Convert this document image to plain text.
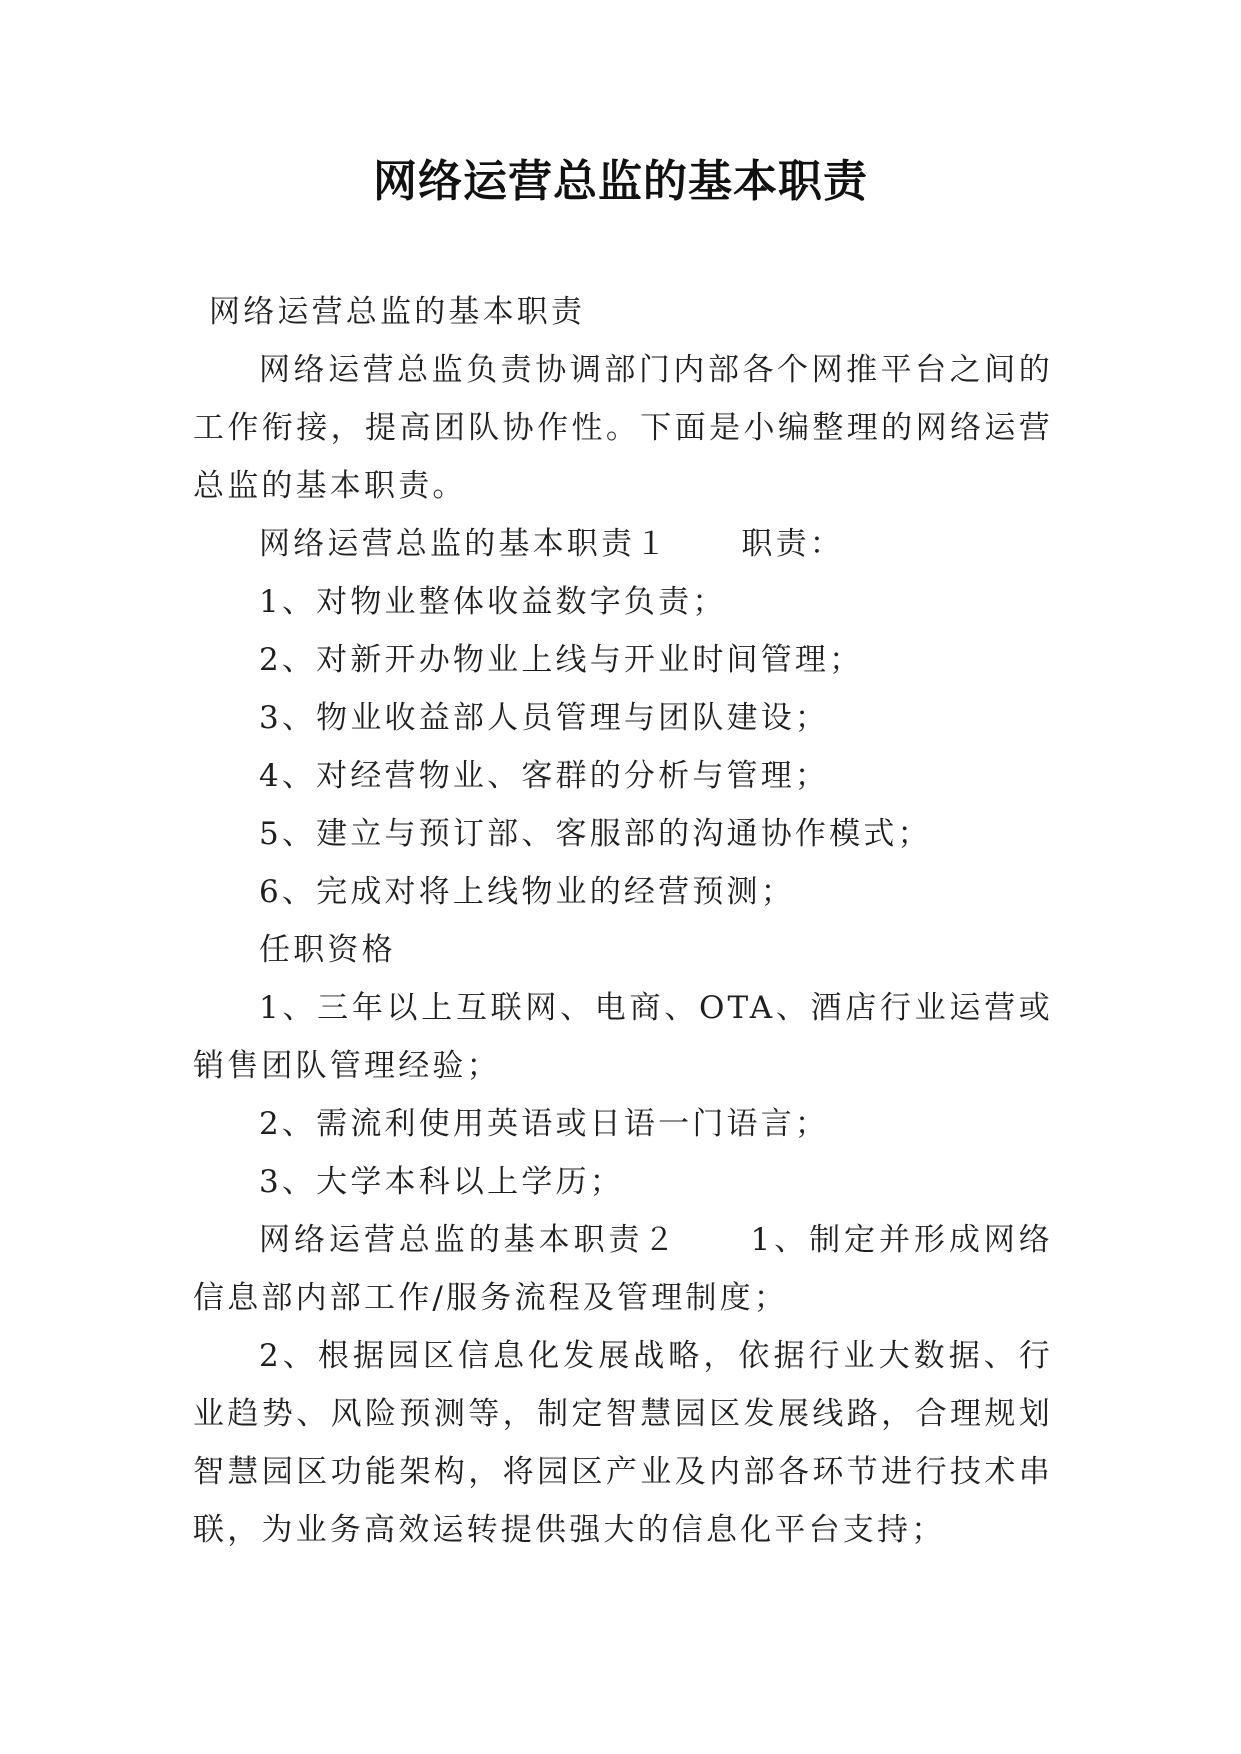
网络运营总监的基本职责

网络运营总监的基本职责

网络运营总监负责协调部门内部各个网推平台之间的工作衔接，提高团队协作性。下面是小编整理的网络运营总监的基本职责。

网络运营总监的基本职责１ 职责：

1、对物业整体收益数字负责；

2、对新开办物业上线与开业时间管理；

3、物业收益部人员管理与团队建设；

4、对经营物业、客群的分析与管理；

5、建立与预订部、客服部的沟通协作模式；

6、完成对将上线物业的经营预测；

任职资格

1、三年以上互联网、电商、OTA、酒店行业运营或销售团队管理经验；

2、需流利使用英语或日语一门语言；

3、大学本科以上学历；

网络运营总监的基本职责２ 1、制定并形成网络信息部内部工作/服务流程及管理制度；

2、根据园区信息化发展战略，依据行业大数据、行业趋势、风险预测等，制定智慧园区发展线路，合理规划智慧园区功能架构，将园区产业及内部各环节进行技术串联，为业务高效运转提供强大的信息化平台支持；
